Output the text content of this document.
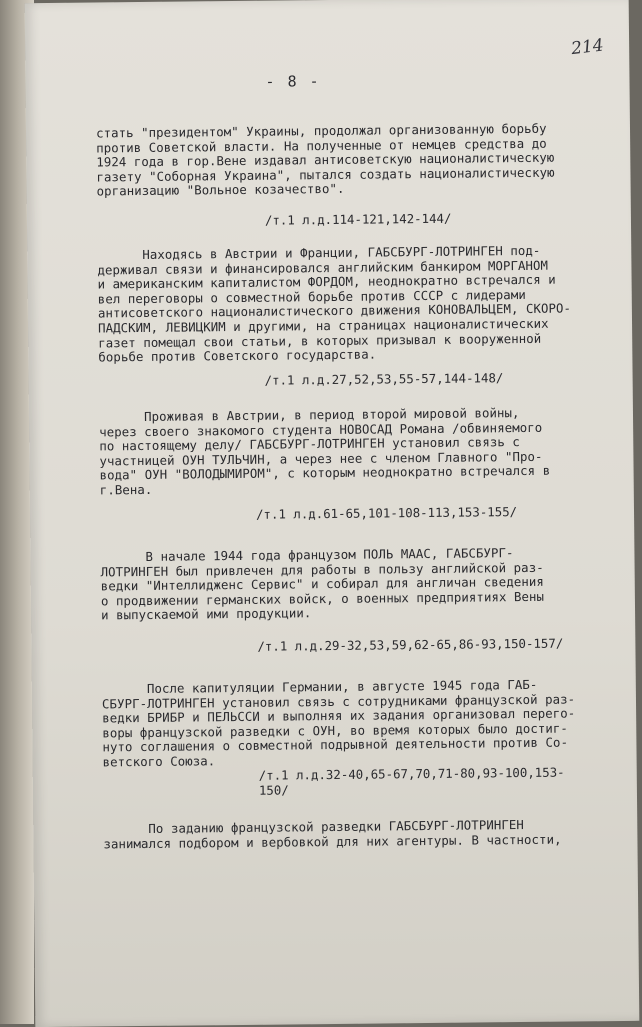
214
- 8 -

стать "президентом" Украины, продолжал организованную борьбу
против Советской власти. На полученные от немцев средства до
1924 года в гор.Вене издавал антисоветскую националистическую
газету "Соборная Украина", пытался создать националистическую
организацию "Вольное козачество".

/т.1 л.д.114-121,142-144/

Находясь в Австрии и Франции, ГАБСБУРГ-ЛОТРИНГЕН под-
держивал связи и финансировался английским банкиром МОРГАНОМ
и американским капиталистом ФОРДОМ, неоднократно встречался и
вел переговоры о совместной борьбе против СССР с лидерами
антисоветского националистического движения КОНОВАЛЬЦЕМ, СКОРО-
ПАДСКИМ, ЛЕВИЦКИМ и другими, на страницах националистических
газет помещал свои статьи, в которых призывал к вооруженной
борьбе против Советского государства.

/т.1 л.д.27,52,53,55-57,144-148/

Проживая в Австрии, в период второй мировой войны,
через своего знакомого студента НОВОСАД Романа /обвиняемого
по настоящему делу/ ГАБСБУРГ-ЛОТРИНГЕН установил связь с
участницей ОУН ТУЛЬЧИН, а через нее с членом Главного "Про-
вода" ОУН "ВОЛОДЫМИРОМ", с которым неоднократно встречался в
г.Вена.

/т.1 л.д.61-65,101-108-113,153-155/

В начале 1944 года французом ПОЛЬ МААС, ГАБСБУРГ-
ЛОТРИНГЕН был привлечен для работы в пользу английской раз-
ведки "Интеллидженс Сервис" и собирал для англичан сведения
о продвижении германских войск, о военных предприятиях Вены
и выпускаемой ими продукции.

/т.1 л.д.29-32,53,59,62-65,86-93,150-157/

После капитуляции Германии, в августе 1945 года ГАБ-
СБУРГ-ЛОТРИНГЕН установил связь с сотрудниками французской раз-
ведки БРИБР и ПЕЛЬССИ и выполняя их задания организовал перего-
воры французской разведки с ОУН, во время которых было достиг-
нуто соглашения о совместной подрывной деятельности против Со-
ветского Союза.

/т.1 л.д.32-40,65-67,70,71-80,93-100,153-
150/

По заданию французской разведки ГАБСБУРГ-ЛОТРИНГЕН
занимался подбором и вербовкой для них агентуры. В частности,
